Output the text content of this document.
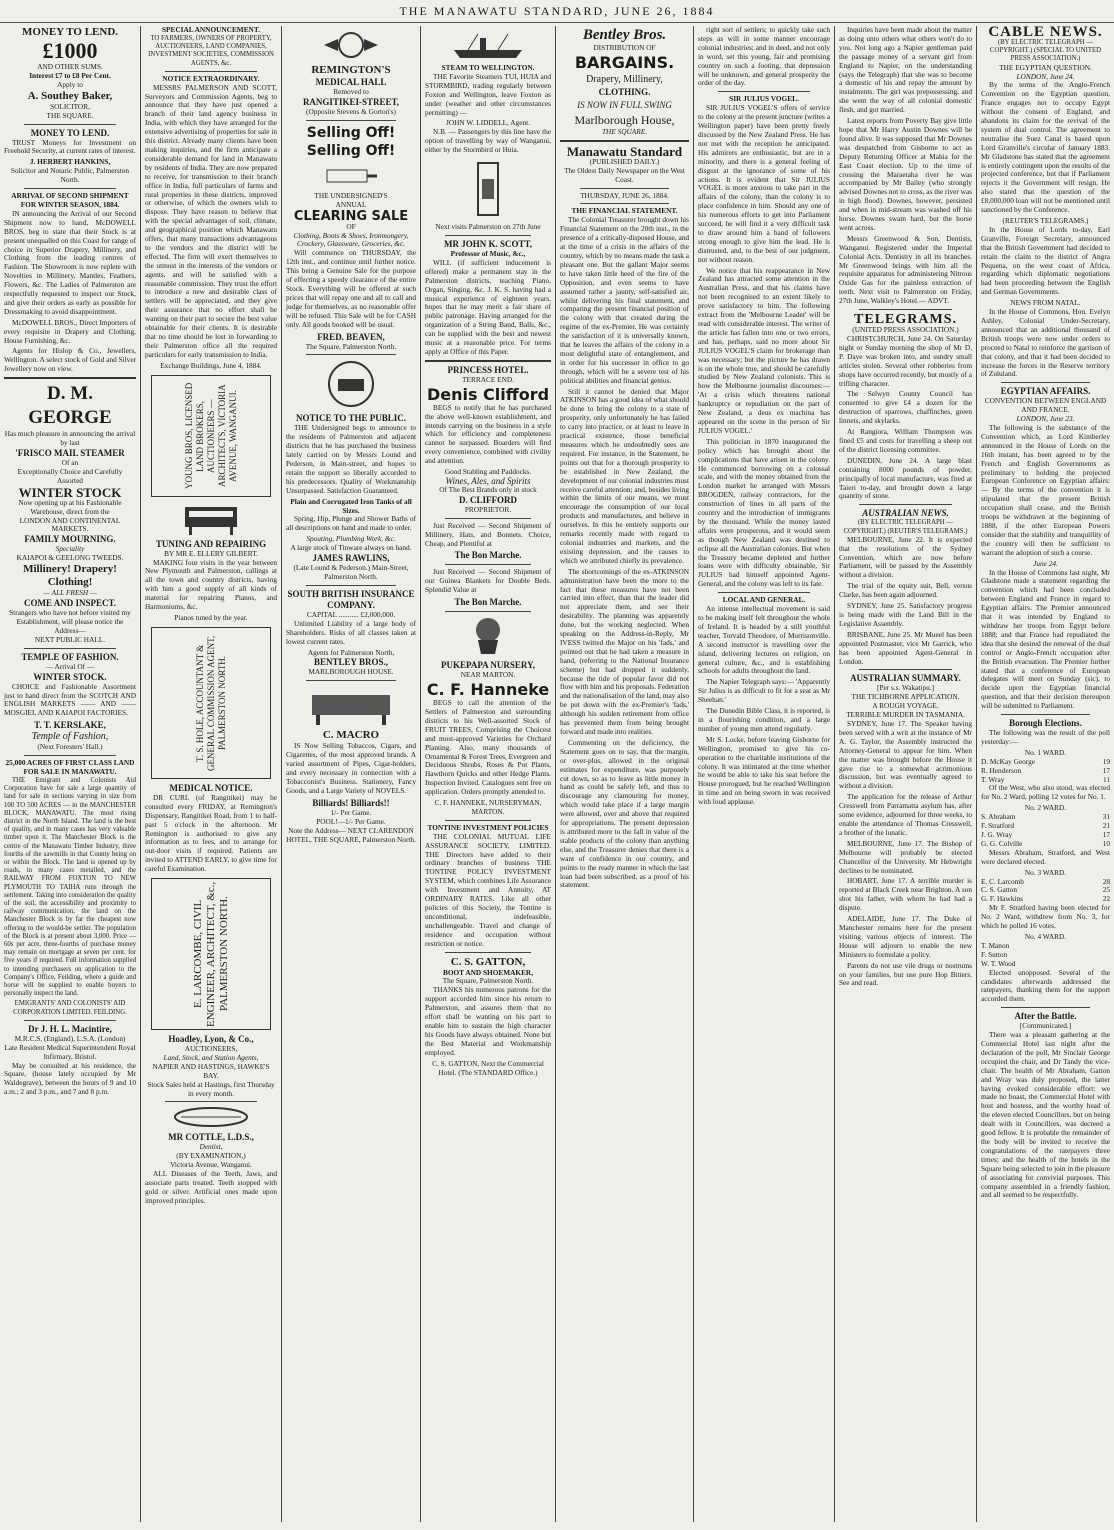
THE MANAWATU STANDARD, JUNE 26, 1884
MONEY TO LEND.
£1000
AND OTHER SUMS.
Interest £7 to £8 Per Cent.
Apply to
A. Southey Baker,
SOLICITOR,
THE SQUARE.
MONEY TO LEND.

TRUST Moneys for Investment on Freehold Security, at current rates of interest.

J. HERBERT HANKINS,
Solicitor and Notaric Public, Palmerston North.
ARRIVAL OF SECOND SHIPMENT FOR WINTER SEASON, 1884.

IN announcing the Arrival of our Second Shipment now to hand, McDOWELL BROS. beg to state that their Stock is at present unequalled on this Coast for range of choice in Superior Drapery, Millinery, and Clothing from the leading centres of Fashion. The Showroom is now replete with Novelties in Millinery, Mantles, Feathers, Flowers, &c. The Ladies of Palmerston are respectfully requested to inspect our Stock, and give their orders as early as possible for Dressmaking to avoid disappointment.

McDOWELL BROS., Direct Importers of every requisite in Drapery and Clothing, House Furnishing, &c.

Agents for Hislop & Co., Jewellers, Wellington. A select stock of Gold and Silver Jewellery now on view.

D. M. GEORGE
Has much pleasure in announcing the arrival by last
'FRISCO MAIL STEAMER
Of an
Exceptionally Choice and Carefully
Assorted
WINTER STOCK
Now opening up at his Fashionable Warehouse, direct from the
LONDON AND CONTINENTAL MARKETS.
FAMILY MOURNING.
Speciality
KAIAPOI & GEELONG TWEEDS.
Millinery! Drapery! Clothing!
— ALL FRESH —
COME AND INSPECT.
Strangers who have not before visited my Establishment, will please notice the Address—
NEXT PUBLIC HALL.
TEMPLE OF FASHION.
— Arrival Of —
WINTER STOCK.

CHOICE and Fashionable Assortment just to hand direct from the SCOTCH AND ENGLISH MARKETS —— AND —— MOSGIEL AND KAIAPOI FACTORIES.

T. T. KERSLAKE,
Temple of Fashion,
(Next Foresters' Hall.)
25,000 ACRES OF FIRST CLASS LAND FOR SALE IN MANAWATU.

THE Emigrant and Colonists Aid Corporation have for sale a large quantity of land for sale in sections varying in size from 100 TO 500 ACRES — in the MANCHESTER BLOCK, MANAWATU. The most rising district in the North Island. The land is the best of quality, and in many cases has very valuable timber upon it. The Manchester Block is the centre of the Manawatu Timber Industry, three fourths of the sawmills in that County being on or within the Block. The land is opened up by roads, in many cases metalled, and the RAILWAY FROM FOXTON TO NEW PLYMOUTH TO TAIHA runs through the settlement. Taking into consideration the quality of the soil, the accessibility and proximity to railway communication, the land on the Manchester Block is by far the cheapest now offering to the would-be settler. The population of the Block is at present about 3,000. Price — 60s per acre, three-fourths of purchase money may remain on mortgage at seven per cent. for five years if required. Full information supplied to intending purchasers on application to the Company's Office, Feilding, where a guide and horse will be supplied to enable buyers to personally inspect the land.

EMIGRANTS' AND COLONISTS' AID CORPORATION LIMITED. FEILDING.
Dr J. H. L. Macintire,
M.R.C.S. (England), L.S.A. (London)
Late Resident Medical Superintendent Royal Infirmary, Bristol.

May be consulted at his residence, the Square, (house lately occupied by Mr Waldegrave), between the hours of 9 and 10 a.m.; 2 and 3 p.m., and 7 and 8 p.m.

SPECIAL ANNOUNCEMENT.
TO FARMERS, OWNERS OF PROPERTY, AUCTIONEERS, LAND COMPANIES, INVESTMENT SOCIETIES, COMMISSION AGENTS, &c.
NOTICE EXTRAORDINARY.

MESSRS PALMERSON AND SCOTT, Surveyors and Commission Agents, beg to announce that they have just opened a branch of their land agency business in India, with which they have arranged for the extensive advertising of properties for sale in this district. Already many clients have been making inquiries, and the firm anticipate a considerable demand for land in Manawatu by residents of India. They are now prepared to receive, for transmission to their branch office in India, full particulars of farms and rural properties in these districts, improved or otherwise, of which the owners wish to dispose. They have reason to believe that with the special advantages of soil, climate, and geographical position which Manawatu offers, that many transactions advantageous to the vendors and the district will be effected. The firm will exert themselves to the utmost in the interests of the vendors or agents, and will be satisfied with a reasonable commission. They trust the effort to introduce a new and desirable class of settlers will be appreciated, and they give their assurance that no effort shall be wanting on their part to secure the best value obtainable for their clients. It is desirable that no time should be lost in forwarding to their Palmerston office all the required particulars for early transmission to India.

Exchange Buildings, June 4, 1884.
YOUNG BROS, LICENSED LAND BROKERS, AUCTIONEERS — ARCHITECTS, VICTORIA AVENUE, WANGANUI.
TUNING AND REPAIRING
BY MR E. ELLERY GILBERT.

MAKING four visits in the year between New Plymouth and Palmerston, callings at all the town and country districts, having with him a good supply of all kinds of material for repairing Pianos, and Harmoniums, &c.

Pianos tuned by the year.
T. S. HOLE, ACCOUNTANT & GENERAL COMMISSION AGENT, PALMERSTON NORTH.
MEDICAL NOTICE.

DR CURL (of Rangitikei) may be consulted every FRIDAY, at Remington's Dispensary, Rangitikei Road, from 1 to half-past 5 o'clock in the afternoon. Mr Remington is authorised to give any information as to fees, and to arrange for out-door visits if required. Patients are invited to ATTEND EARLY, to give time for careful Examination.

E. LARCOMBE, CIVIL ENGINEER, ARCHITECT, &c., PALMERSTON NORTH.
Hoadley, Lyon, & Co.,
AUCTIONEERS,
Land, Stock, and Station Agents,
NAPIER AND HASTINGS, HAWKE'S BAY.
Stock Sales held at Hastings, first Thursday in every month.
MR COTTLE, L.D.S.,
Dentist,
(BY EXAMINATION,)
Victoria Avenue, Wanganui.

ALL Diseases of the Teeth, Jaws, and associate parts treated. Teeth stopped with gold or silver. Artificial ones made upon improved principles.

REMINGTON'S
MEDICAL HALL
Removed to
RANGITIKEI-STREET,
(Opposite Stevens & Gorton's)
Selling Off! Selling Off!
THE UNDERSIGNED'S
ANNUAL
CLEARING SALE
OF
Clothing, Boots & Shoes, Ironmongery, Crockery, Glassware, Groceries, &c.

Will commence on THURSDAY, the 12th inst., and continue until further notice. This being a Genuine Sale for the purpose of effecting a speedy clearance of the entire Stock. Everything will be offered at such prices that will repay one and all to call and judge for themselves, as no reasonable offer will be refused. This Sale will be for CASH only. All goods booked will be usual.

FRED. BEAVEN,
The Square, Palmerston North.
NOTICE TO THE PUBLIC.

THE Undersigned begs to announce to the residents of Palmerston and adjacent districts that he has purchased the business lately carried on by Messrs Lound and Pederson, in Main-street, and hopes to retain the support so liberally accorded to his predecessors. Quality of Workmanship Unsurpassed. Satisfaction Guaranteed.

Plain and Corrugated Iron Tanks of all Sizes.

Spring, Hip, Plunge and Shower Baths of all descriptions on hand and made to order.

Spouting, Plumbing Work, &c.
A large stock of Tinware always on hand.
JAMES RAWLINS,
(Late Lound & Pederson.) Main-Street, Palmerston North.
SOUTH BRITISH INSURANCE COMPANY.
CAPITAL ........... £2,000,000.

Unlimited Liability of a large body of Shareholders. Risks of all classes taken at lowest current rates.

Agents for Palmerston North,
BENTLEY BROS.,
MARLBOROUGH HOUSE.
C. MACRO

IS Now Selling Tobaccos, Cigars, and Cigarettes, of the most approved brands. A varied assortment of Pipes, Cigar-holders, and every necessary in connection with a Tobacconist's Business. Stationery, Fancy Goods, and a Large Variety of NOVELS.

Billiards! Billiards!!
1/- Per Game.
POOL!—1/- Per Game.
Note the Address— NEXT CLARENDON HOTEL, THE SQUARE, Palmerston North.
STEAM TO WELLINGTON.

THE Favorite Steamers TUI, HUIA and STORMBIRD, trading regularly between Foxton and Wellington, leave Foxton as under (weather and other circumstances permitting) —

JOHN W. LIDDELL, Agent.

N.B. — Passengers by this line have the option of travelling by way of Wanganui, either by the Stormbird or Huia.

Next visits Palmerston on 27th June
MR JOHN K. SCOTT,
Professor of Music, &c.,

WILL (if sufficient inducement is offered) make a permanent stay in the Palmerston districts, teaching Piano, Organ, Singing, &c. J. K. S. having had a musical experience of eighteen years, hopes that he may merit a fair share of public patronage. Having arranged for the organization of a String Band, Balls, &c., can be supplied with the best and newest music at a reasonable price. For terms apply at Office of this Paper.

PRINCESS HOTEL.
TERRACE END.
Denis Clifford

BEGS to notify that he has purchased the above well-known establishment, and intends carrying on the business in a style which for efficiency and completeness cannot be surpassed. Boarders will find every convenience, combined with civility and attention.

Good Stabling and Paddocks.
Wines, Ales, and Spirits
Of The Best Brands only in stock
D. CLIFFORD
PROPRIETOR.

Just Received — Second Shipment of Millinery, Hats, and Bonnets. Choice, Cheap, and Plentiful at

The Bon Marche.

Just Received — Second Shipment of our Guinea Blankets for Double Beds. Splendid Value at

The Bon Marche.
PUKEPAPA NURSERY,
NEAR MARTON.
C. F. Hanneke

BEGS to call the attention of the Settlers of Palmerston and surrounding districts to his Well-assorted Stock of FRUIT TREES, Comprising the Choicest and most-approved Varieties for Orchard Planting. Also, many thousands of Ornamental & Forest Trees, Evergreen and Deciduous Shrubs, Roses & Pot Plants, Hawthorn Quicks and other Hedge Plants. Inspection Invited. Catalogues sent free on application. Orders promptly attended to.

C. F. HANNEKE, NURSERYMAN, MARTON.
TONTINE INVESTMENT POLICIES

THE COLONIAL MUTUAL LIFE ASSURANCE SOCIETY, LIMITED. THE Directors have added to their ordinary branches of business THE TONTINE POLICY INVESTMENT SYSTEM, which combines Life Assurance with Investment and Annuity, AT ORDINARY RATES. Like all other policies of this Society, the Tontine is unconditional, indefeasible, unchallengeable. Travel and change of residence and occupation without restriction or notice.

C. S. GATTON,
BOOT AND SHOEMAKER,
The Square, Palmerston North.

THANKS his numerous patrons for the support accorded him since his return to Palmerston, and assures them that no effort shall be wanting on his part to enable him to sustain the high character his Goods have always obtained. None but the Best Material and Workmanship employed.

C. S. GATTON, Next the Commercial Hotel. (The STANDARD Office.)
Bentley Bros.
DISTRIBUTION OF
BARGAINS.
Drapery, Millinery,
CLOTHING.
IS NOW IN FULL SWING
Marlborough House,
THE SQUARE.
Manawatu Standard
(PUBLISHED DAILY.)
The Oldest Daily Newspaper on the West Coast.
THURSDAY, JUNE 26, 1884.
THE FINANCIAL STATEMENT.

The Colonial Treasurer brought down his Financial Statement on the 20th inst., in the presence of a critically-disposed House, and at the time of a crisis in the affairs of the country, which by no means made the task a pleasant one. But the gallant Major seems to have taken little heed of the fire of the Opposition, and even seems to have assumed rather a jaunty, self-satisfied air, whilst delivering his final statement, and comparing the present financial position of the colony with that created during the regime of the ex-Premier. He was certainly the satisfaction of it is universally known, that he leaves the affairs of the colony in a most delightful state of entanglement, and in order for his successor in office to go through, which will be a severe test of his political abilities and financial genius.

Still it cannot be denied that Major ATKINSON has a good idea of what should be done to bring the colony to a state of prosperity, only unfortunately he has failed to carry into practice, or at least to leave in practical existence, those beneficial measures which he undoubtedly sees are required. For instance, in the Statement, he points out that for a thorough prosperity to be established in New Zealand, the development of our colonial industries must receive careful attention; and, besides living within the limits of our means, we must encourage the consumption of our local products and manufactures, and believe in ourselves. In this he entirely supports our remarks recently made with regard to colonial industries and markets, and the existing depression, and the causes to which we attributed chiefly its prevalence.

The shortcomings of the ex-ATKINSON administration have been the more to the fact that these measures have not been carried into effect, than that the leader did not appreciate them, and see their desirability. The planning was apparently done, but the working neglected. When speaking on the Address-in-Reply, Mr IVESS twitted the Major on his 'fads,' and pointed out that he had taken a measure in hand, (referring to the National Insurance scheme) but had dropped it suddenly, because the tide of popular favor did not flow with him and his proposals. Federation and the nationalisation of the land, may also be put down with the ex-Premier's 'fads,' although his sudden retirement from office has prevented them from being brought forward and made into realities.

Commenting on the deficiency, the Statement goes on to say, that the margin, or over-plus, allowed in the original estimates for expenditure, was purposely cut down, so as to leave as little money in hand as could be safely left, and thus to discourage any clamouring for money, which would take place if a large margin were allowed, over and above that required for appropriations. The present depression is attributed more to the fall in value of the stable products of the colony than anything else, and the Treasurer denies that there is a want of confidence in our country, and points to the ready manner in which the last loan had been subscribed, as a proof of his statement.

right sort of settlers; to quickly take such steps as will in some manner encourage colonial industries; and in deed, and not only in word, set this young, fair and promising country on such a footing, that depression will be unknown, and general prosperity the order of the day.

SIR JULIUS VOGEL.

SIR JULIUS VOGEL'S offers of service to the colony at the present juncture (writes a Wellington paper) have been pretty freely discussed by the New Zealand Press. He has not met with the reception he anticipated. His admirers are enthusiastic, but are in a minority, and there is a general feeling of disgust at the ignorance of some of his actions. It is evident that Sir JULIUS VOGEL is more anxious to take part in the affairs of the colony, than the colony is to place confidence in him. Should any one of his numerous efforts to get into Parliament succeed, he will find it a very difficult task to draw around him a band of followers strong enough to give him the lead. He is distrusted, and, to the best of our judgment, not without reason.

We notice that his reappearance in New Zealand has attracted some attention in the Australian Press, and that his claims have not been recognised to an extent likely to prove satisfactory to him. The following extract from the 'Melbourne Leader' will be read with considerable interest. The writer of the article has fallen into one or two errors, and has, perhaps, said no more about Sir JULIUS VOGEL'S claim for brokerage than was necessary; but the picture he has drawn is on the whole true, and should be carefully studied by New Zealand colonists. This is how the Melbourne journalist discourses:— 'At a crisis which threatens national bankruptcy or repudiation on the part of New Zealand, a deus ex machina has appeared on the scene in the person of Sir JULIUS VOGEL.'

This politician in 1870 inaugurated the policy which has brought about the complications that have arisen in the colony. He commenced borrowing on a colossal scale, and with the money obtained from the London market he arranged with Messrs BROGDEN, railway contractors, for the construction of lines in all parts of the country and the introduction of immigrants by the thousand. While the money lasted affairs were prosperous, and it would seem as though New Zealand was destined to eclipse all the Australian colonies. But when the Treasury became depleted and further loans were with difficulty obtainable, Sir JULIUS had himself appointed Agent-General, and the colony was left to its fate.

LOCAL AND GENERAL.

An intense intellectual movement is said to be making itself felt throughout the whole of Ireland. It is headed by a still youthful teacher, Torvald Theodore, of Morrisonville. A second instructor is travelling over the island, delivering lectures on religion, on general culture, &c., and is establishing schools for adults throughout the land.

The Napier Telegraph says:— 'Apparently Sir Julius is as difficult to fit for a seat as Mr Sheehan.'

The Dunedin Bible Class, it is reported, is in a flourishing condition, and a large number of young men attend regularly.

Mr S. Locke, before leaving Gisborne for Wellington, promised to give his co-operation to the charitable institutions of the colony. It was intimated at the time whether he would be able to take his seat before the House prorogued, but he reached Wellington in time and on being sworn in was received with loud applause.

Inquiries have been made about the matter as doing unto others what others won't do to you. Not long ago a Napier gentleman paid the passage money of a servant girl from England to Napier, on the understanding (says the Telegraph) that she was to become a domestic of his and repay the amount by instalments. The girl was prepossessing, and she went the way of all colonial domestic flesh, and got married.

Latest reports from Poverty Bay give little hope that Mr Harry Austin Downes will be found alive. It was supposed that Mr Downes was despatched from Gisborne to act as Deputy Returning Officer at Mahia for the East Coast election. Up to the time of crossing the Maraetaha river he was accompanied by Mr Bailey (who strongly advised Downes not to cross, as the river was in high flood). Downes, however, persisted and when in mid-stream was washed off his horse. Downes swam hard, but the horse went across.

Messrs Greenwood & Son, Dentists, Wanganui. Registered under the Imperial Colonial Acts. Dentistry in all its branches. Mr Greenwood brings with him all the requisite apparatus for administering Nitrous Oxide Gas for the painless extraction of teeth. Next visit to Palmerston on Friday, 27th June, Walkley's Hotel.— ADVT.

TELEGRAMS.
(UNITED PRESS ASSOCIATION.)

CHRISTCHURCH, June 24. On Saturday night or Sunday morning the shop of Mr D. P. Daye was broken into, and sundry small articles stolen. Several other robberies from shops have occurred recently, but mostly of a trifling character.

The Selwyn County Council has consented to give £4 a dozen for the destruction of sparrows, chaffinches, green linnets, and skylarks.

At Rangiora, William Thompson was fined £5 and costs for travelling a sheep out of the district licensing committee.

DUNEDIN, June 24. A large blast containing 8000 pounds of powder, principally of local manufacture, was fired at Taieri to-day, and brought down a large quantity of stone.

AUSTRALIAN NEWS.
(BY ELECTRIC TELEGRAPH — COPYRIGHT.) (REUTER'S TELEGRAMS.)

MELBOURNE, June 22. It is expected that the resolutions of the Sydney Convention, which are now before Parliament, will be passed by the Assembly without a division.

The trial of the equity suit, Bell, versus Clarke, has been again adjourned.

SYDNEY, June 25. Satisfactory progress is being made with the Land Bill in the Legislative Assembly.

BRISBANE, June 25. Mr Mueel has been appointed Postmaster, vice Mr Garrick, who has been appointed Agent-General in London.

AUSTRALIAN SUMMARY.
[Per s.s. Wakatipu.]
THE TICHBORNE APPLICATION.
A ROUGH VOYAGE.
TERRIBLE MURDER IN TASMANIA.

SYDNEY, June 17. The Speaker having been served with a writ at the instance of Mr A. G. Taylor, the Assembly instructed the Attorney-General to appear for him. When the matter was brought before the House it gave rise to a somewhat acrimonious discussion, but was eventually agreed to without a division.

The application for the release of Arthur Cresswell from Parramatta asylum has, after some evidence, adjourned for three weeks, to enable the attendance of Thomas Cresswell, a brother of the lunatic.

MELBOURNE, June 17. The Bishop of Melbourne will probably be elected Chancellor of the University. Mr Hebwright declines to be nominated.

HOBART, June 17. A terrible murder is reported at Black Creek near Brighton. A son shot his father, with whom he had had a dispute.

ADELAIDE, June 17. The Duke of Manchester remains here for the present visiting various objects of interest. The House will adjourn to enable the new Ministers to formulate a policy.

Parents do not use vile drugs or nostrums on your families, but use pure Hop Bitters. See and read.

CABLE NEWS.
(BY ELECTRIC TELEGRAPH — COPYRIGHT.) (SPECIAL TO UNITED PRESS ASSOCIATION.)
THE EGYPTIAN QUESTION.
LONDON, June 24.

By the terms of the Anglo-French Convention on the Egyptian question, France engages not to occupy Egypt without the consent of England, and abandons its claim for the revival of the system of dual control. The agreement to neutralise the Suez Canal is based upon Lord Granville's circular of January 1883. Mr Gladstone has stated that the agreement is entirely contingent upon the results of the projected conference, but that if Parliament rejects it the Government will resign. He also stated that the question of the £8,000,000 loan will not be mentioned until sanctioned by the Conference.

(REUTER'S TELEGRAMS.)

In the House of Lords to-day, Earl Granville, Foreign Secretary, announced that the British Government had decided to retain the claim to the district of Angra Pequena, on the west coast of Africa, regarding which diplomatic negotiations had been proceeding between the English and German Governments.

NEWS FROM NATAL.

In the House of Commons, Hon. Evelyn Ashley, Colonial Under-Secretary, announced that an additional thousand of British troops were now under orders to proceed to Natal to reinforce the garrison of that colony, and that it had been decided to increase the forces in the Reserve territory of Zululand.

EGYPTIAN AFFAIRS.
CONVENTION BETWEEN ENGLAND AND FRANCE.
LONDON, June 23.

The following is the substance of the Convention which, as Lord Kimberley announced in the House of Lords on the 16th instant, has been agreed to by the French and English Governments as preliminary to holding the projected European Conference on Egyptian affairs:— By the terms of the convention it is stipulated that the present British occupation shall cease, and the British troops be withdrawn at the beginning of 1888, if the other European Powers consider that the stability and tranquillity of the country will then be sufficient to warrant the adoption of such a course.

June 24.

In the House of Commons last night, Mr Gladstone made a statement regarding the convention which had been concluded between England and France in regard to Egyptian affairs. The Premier announced that it was intended by England to withdraw her troops from Egypt before 1888; and that France had repudiated the idea that she desired the renewal of the dual control or Anglo-French occupation after the British evacuation. The Premier further stated that a conference of European delegates will meet on Sunday (sic), to decide upon the Egyptian financial question, and that their decision thereupon will be submitted to Parliament.

Borough Elections.

The following was the result of the poll yesterday:—

No. 1 WARD.
D. McKay George	19
R. Henderson	17
T. Wray	11

Of the West, who also stood, was elected for No. 2 Ward, polling 12 votes for No. 1.

No. 2 WARD.
S. Abraham	31
F. Stratford	21
J. G. Wray	17
G. G. Colville	10

Messrs Abraham, Stratford, and West were declared elected.

No. 3 WARD.
E. C. Larcomb	28
C. S. Gatton	25
G. F. Hawkins	22

Mr F. Stratford having been elected for No. 2 Ward, withdrew from No. 3, for which he polled 16 votes.

No. 4 WARD.
T. Manon
F. Sutton
W. T. Wood

Elected unopposed. Several of the candidates afterwards addressed the ratepayers, thanking them for the support accorded them.

After the Battle.
[Communicated.]

There was a pleasant gathering at the Commercial Hotel last night after the declaration of the poll, Mr Sinclair George occupied the chair, and Dr Tandy the vice-chair. The health of Mr Abraham, Gatton and Wray was duly proposed, the latter having evoked considerable effort: we made no boast, the Commercial Hotel with host and hostess, and the worthy head of the eleven elected Councillors, but on being dealt with in Councillors, was decreed a good fellow. It is probable the remainder of the body will be invited to receive the congratulations of the ratepayers three times; and the health of the hotels in the Square being selected to join in the pleasure of associating for convivial purposes. This company assembled in a friendly fashion, and all seemed to be respectfully.
